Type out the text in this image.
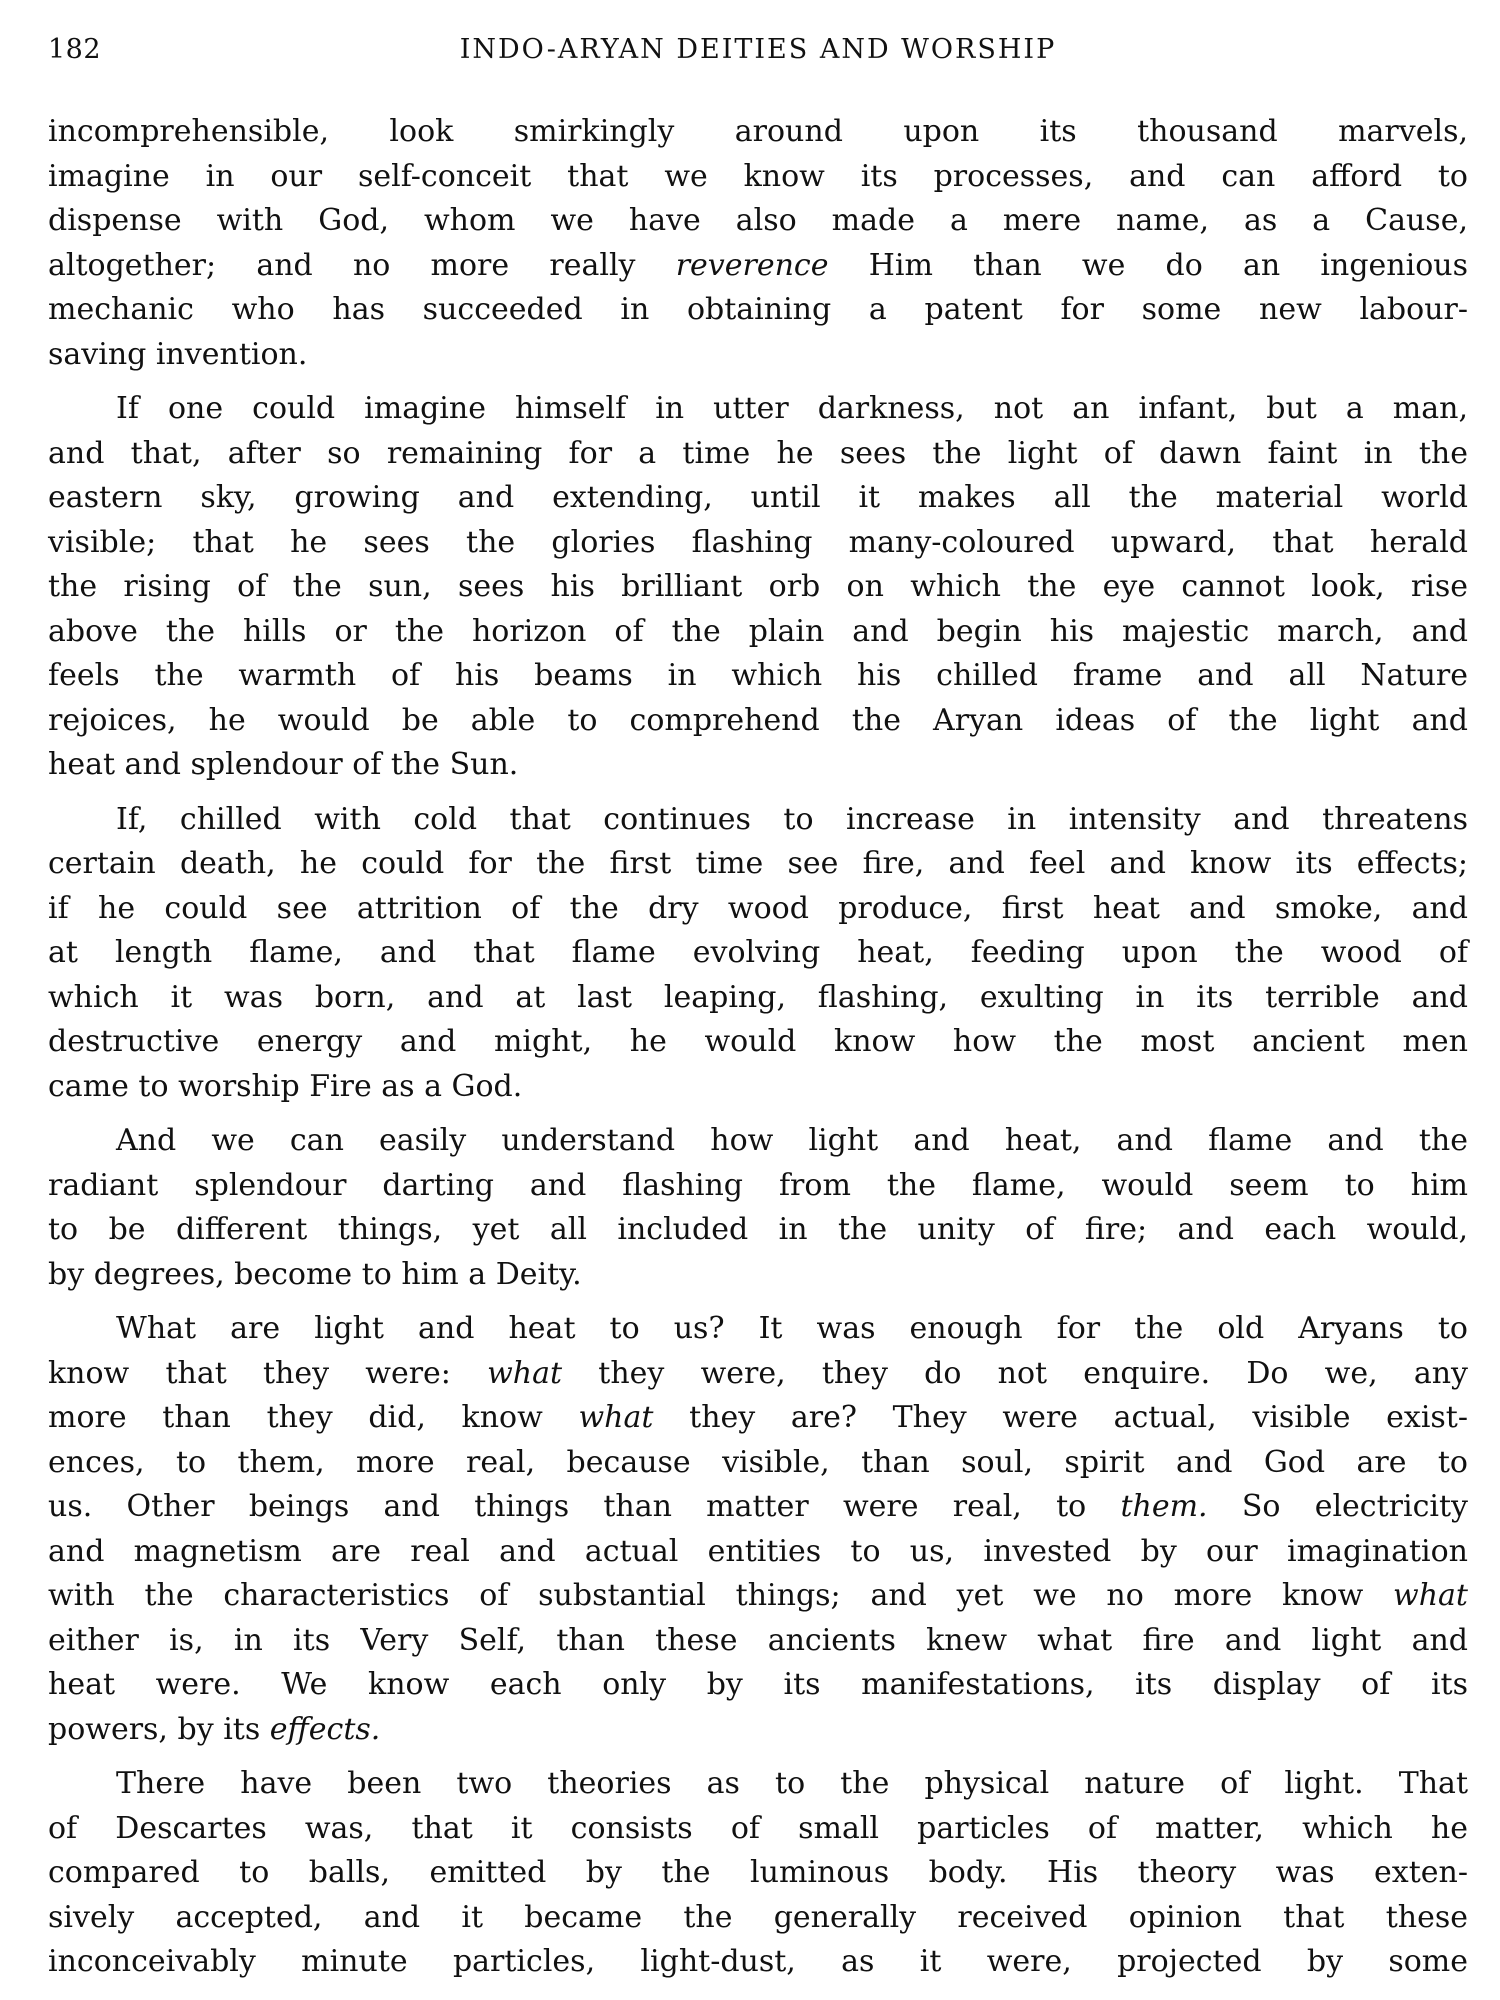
182	INDO-ARYAN DEITIES AND WORSHIP
incomprehensible, look smirkingly around upon its thousand marvels,
imagine in our self-conceit that we know its processes, and can afford to
dispense with God, whom we have also made a mere name, as a Cause,
altogether; and no more really reverence Him than we do an ingenious
mechanic who has succeeded in obtaining a patent for some new labour-
saving invention.
If one could imagine himself in utter darkness, not an infant, but a man,
and that, after so remaining for a time he sees the light of dawn faint in the
eastern sky, growing and extending, until it makes all the material world
visible; that he sees the glories flashing many-coloured upward, that herald
the rising of the sun, sees his brilliant orb on which the eye cannot look, rise
above the hills or the horizon of the plain and begin his majestic march, and
feels the warmth of his beams in which his chilled frame and all Nature
rejoices, he would be able to comprehend the Aryan ideas of the light and
heat and splendour of the Sun.
If, chilled with cold that continues to increase in intensity and threatens
certain death, he could for the first time see fire, and feel and know its effects;
if he could see attrition of the dry wood produce, first heat and smoke, and
at length flame, and that flame evolving heat, feeding upon the wood of
which it was born, and at last leaping, flashing, exulting in its terrible and
destructive energy and might, he would know how the most ancient men
came to worship Fire as a God.
And we can easily understand how light and heat, and flame and the
radiant splendour darting and flashing from the flame, would seem to him
to be different things, yet all included in the unity of fire; and each would,
by degrees, become to him a Deity.
What are light and heat to us? It was enough for the old Aryans to
know that they were: what they were, they do not enquire. Do we, any
more than they did, know what they are? They were actual, visible exist-
ences, to them, more real, because visible, than soul, spirit and God are to
us. Other beings and things than matter were real, to them. So electricity
and magnetism are real and actual entities to us, invested by our imagination
with the characteristics of substantial things; and yet we no more know what
either is, in its Very Self, than these ancients knew what fire and light and
heat were. We know each only by its manifestations, its display of its
powers, by its effects.
There have been two theories as to the physical nature of light. That
of Descartes was, that it consists of small particles of matter, which he
compared to balls, emitted by the luminous body. His theory was exten-
sively accepted, and it became the generally received opinion that these
inconceivably minute particles, light-dust, as it were, projected by some
